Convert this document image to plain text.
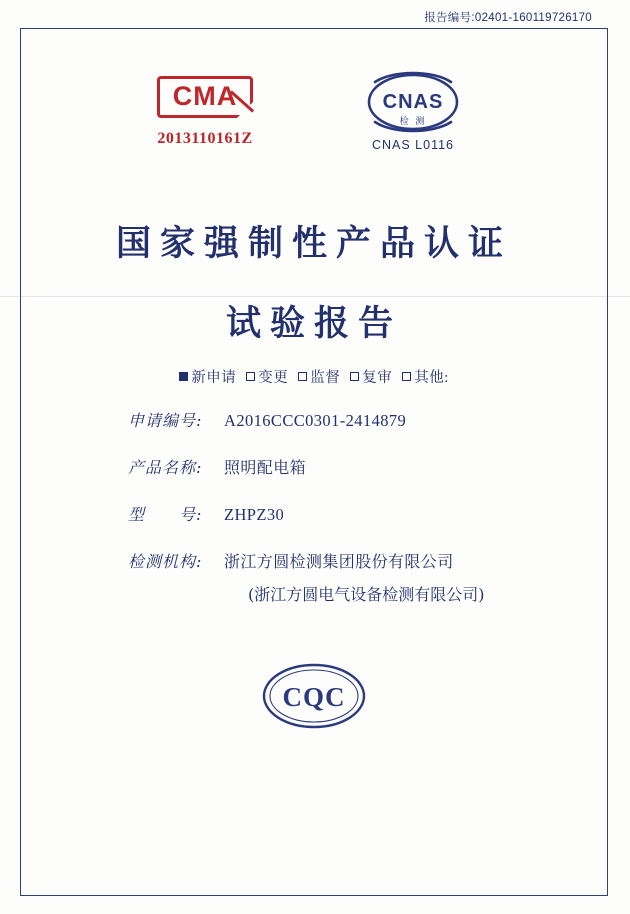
报告编号:02401-160119726170
CMA
2013110161Z
CNAS
检 测
CNAS L0116
国家强制性产品认证
试验报告
新申请 变更 监督 复审 其他:
申请编号:	A2016CCC0301-2414879
产品名称:	照明配电箱
型　　号:	ZHPZ30
检测机构:	浙江方圆检测集团股份有限公司
(浙江方圆电气设备检测有限公司)
CQC
